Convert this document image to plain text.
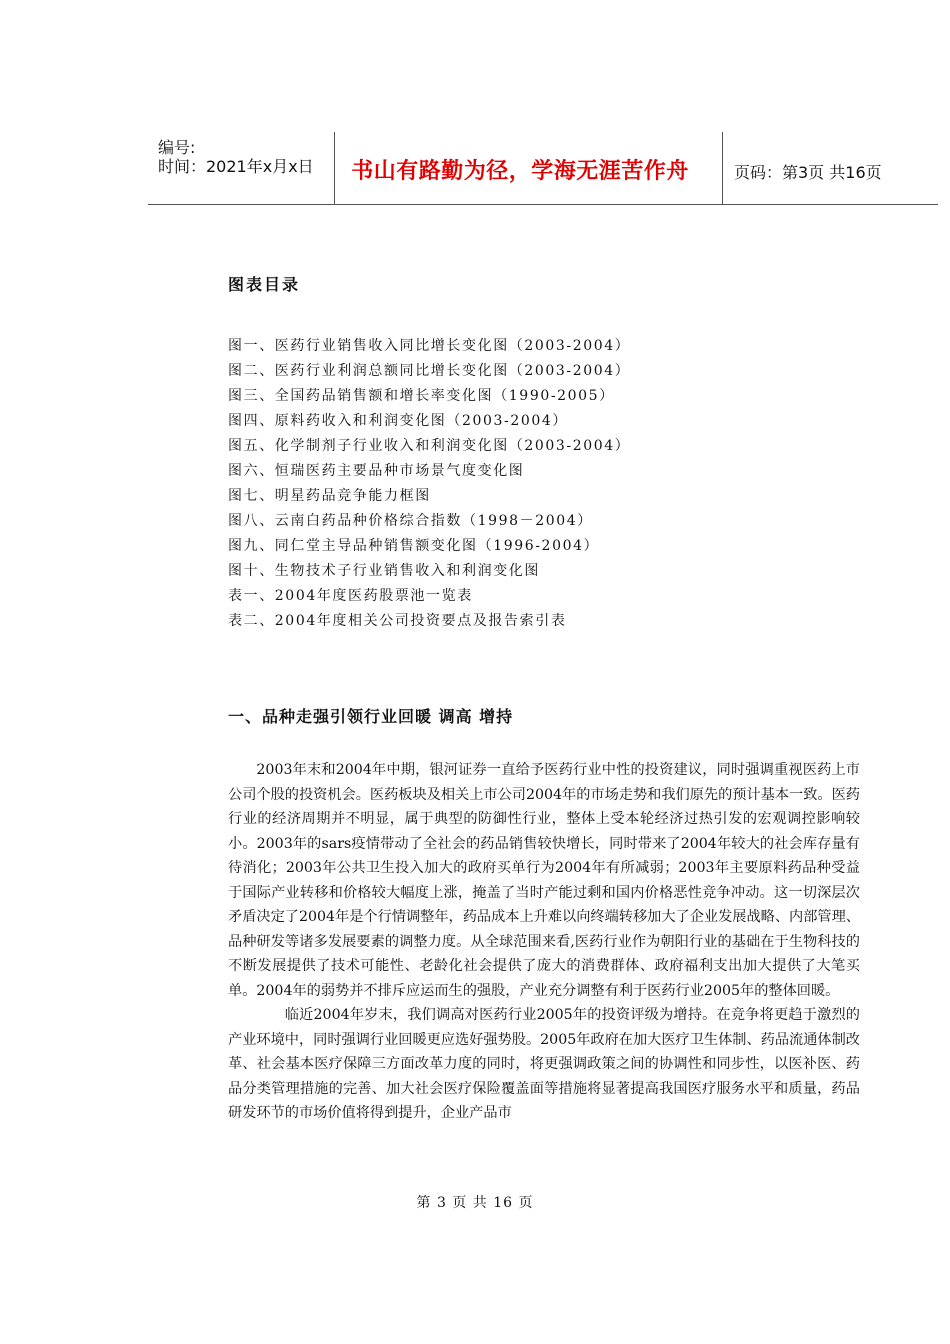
编号:
时间：2021年x月x日	书山有路勤为径，学海无涯苦作舟	页码：第3页 共16页
图表目录
图一、医药行业销售收入同比增长变化图（2003-2004）
图二、医药行业利润总额同比增长变化图（2003-2004）
图三、全国药品销售额和增长率变化图（1990-2005）
图四、原料药收入和利润变化图（2003-2004）
图五、化学制剂子行业收入和利润变化图（2003-2004）
图六、恒瑞医药主要品种市场景气度变化图
图七、明星药品竞争能力框图
图八、云南白药品种价格综合指数（1998－2004）
图九、同仁堂主导品种销售额变化图（1996-2004）
图十、生物技术子行业销售收入和利润变化图
表一、2004年度医药股票池一览表
表二、2004年度相关公司投资要点及报告索引表
一、品种走强引领行业回暖 调高 增持

2003年末和2004年中期，银河证券一直给予医药行业中性的投资建议，同时强调重视医药上市公司个股的投资机会。医药板块及相关上市公司2004年的市场走势和我们原先的预计基本一致。医药行业的经济周期并不明显，属于典型的防御性行业，整体上受本轮经济过热引发的宏观调控影响较小。2003年的sars疫情带动了全社会的药品销售较快增长，同时带来了2004年较大的社会库存量有待消化；2003年公共卫生投入加大的政府买单行为2004年有所减弱；2003年主要原料药品种受益于国际产业转移和价格较大幅度上涨，掩盖了当时产能过剩和国内价格恶性竞争冲动。这一切深层次矛盾决定了2004年是个行情调整年，药品成本上升难以向终端转移加大了企业发展战略、内部管理、品种研发等诸多发展要素的调整力度。从全球范围来看,医药行业作为朝阳行业的基础在于生物科技的不断发展提供了技术可能性、老龄化社会提供了庞大的消费群体、政府福利支出加大提供了大笔买单。2004年的弱势并不排斥应运而生的强股，产业充分调整有利于医药行业2005年的整体回暖。

临近2004年岁末，我们调高对医药行业2005年的投资评级为增持。在竞争将更趋于激烈的产业环境中，同时强调行业回暖更应选好强势股。2005年政府在加大医疗卫生体制、药品流通体制改革、社会基本医疗保障三方面改革力度的同时，将更强调政策之间的协调性和同步性，以医补医、药品分类管理措施的完善、加大社会医疗保险覆盖面等措施将显著提高我国医疗服务水平和质量，药品研发环节的市场价值将得到提升，企业产品市

第 3 页 共 16 页
